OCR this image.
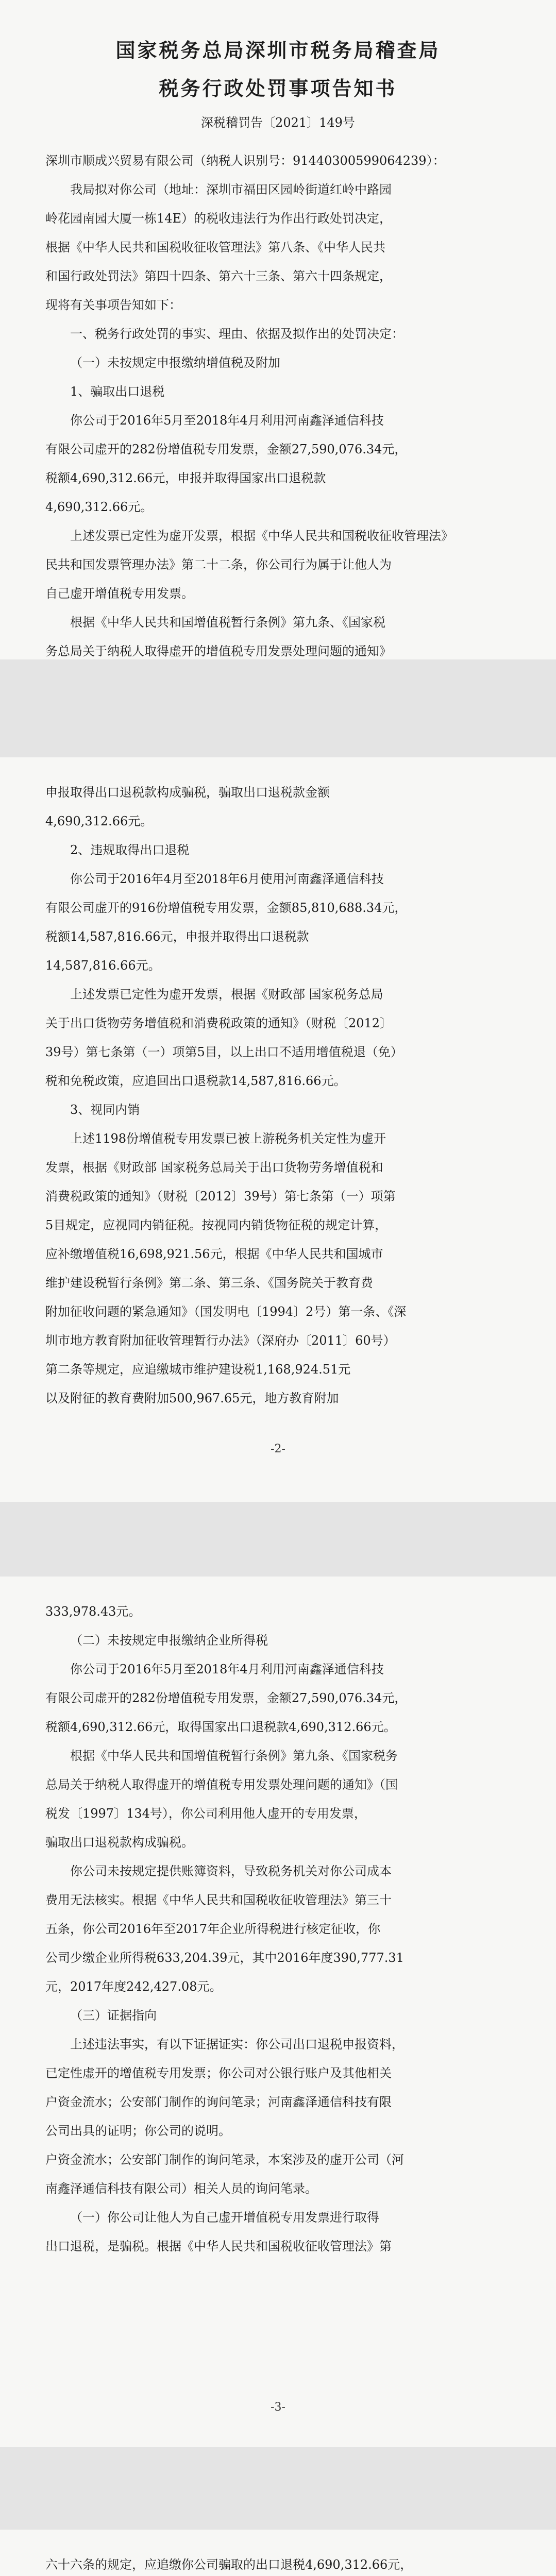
国家税务总局深圳市税务局稽查局
税务行政处罚事项告知书
深税稽罚告〔2021〕149号
深圳市顺成兴贸易有限公司（纳税人识别号：91440300599064239）：
我局拟对你公司（地址：深圳市福田区园岭街道红岭中路园
岭花园南园大厦一栋14E）的税收违法行为作出行政处罚决定，
根据《中华人民共和国税收征收管理法》第八条、《中华人民共
和国行政处罚法》第四十四条、第六十三条、第六十四条规定，
现将有关事项告知如下：
一、税务行政处罚的事实、理由、依据及拟作出的处罚决定：
（一）未按规定申报缴纳增值税及附加
1、骗取出口退税
你公司于2016年5月至2018年4月利用河南鑫泽通信科技
有限公司虚开的282份增值税专用发票，金额27,590,076.34元，
税额4,690,312.66元，申报并取得国家出口退税款
4,690,312.66元。
上述发票已定性为虚开发票，根据《中华人民共和国税收征收管理法》
民共和国发票管理办法》第二十二条，你公司行为属于让他人为
自己虚开增值税专用发票。
根据《中华人民共和国增值税暂行条例》第九条、《国家税
务总局关于纳税人取得虚开的增值税专用发票处理问题的通知》
申报取得出口退税款构成骗税，骗取出口退税款金额
4,690,312.66元。
2、违规取得出口退税
你公司于2016年4月至2018年6月使用河南鑫泽通信科技
有限公司虚开的916份增值税专用发票，金额85,810,688.34元，
税额14,587,816.66元，申报并取得出口退税款
14,587,816.66元。
上述发票已定性为虚开发票，根据《财政部 国家税务总局
关于出口货物劳务增值税和消费税政策的通知》（财税〔2012〕
39号）第七条第（一）项第5目，以上出口不适用增值税退（免）
税和免税政策，应追回出口退税款14,587,816.66元。
3、视同内销
上述1198份增值税专用发票已被上游税务机关定性为虚开
发票，根据《财政部 国家税务总局关于出口货物劳务增值税和
消费税政策的通知》（财税〔2012〕39号）第七条第（一）项第
5目规定，应视同内销征税。按视同内销货物征税的规定计算，
应补缴增值税16,698,921.56元，根据《中华人民共和国城市
维护建设税暂行条例》第二条、第三条、《国务院关于教育费
附加征收问题的紧急通知》（国发明电〔1994〕2号）第一条、《深
圳市地方教育附加征收管理暂行办法》（深府办〔2011〕60号）
第二条等规定，应追缴城市维护建设税1,168,924.51元
以及附征的教育费附加500,967.65元，地方教育附加
-2-
333,978.43元。
（二）未按规定申报缴纳企业所得税
你公司于2016年5月至2018年4月利用河南鑫泽通信科技
有限公司虚开的282份增值税专用发票，金额27,590,076.34元，
税额4,690,312.66元，取得国家出口退税款4,690,312.66元。
根据《中华人民共和国增值税暂行条例》第九条、《国家税务
总局关于纳税人取得虚开的增值税专用发票处理问题的通知》（国
税发〔1997〕134号），你公司利用他人虚开的专用发票，
骗取出口退税款构成骗税。
你公司未按规定提供账簿资料，导致税务机关对你公司成本
费用无法核实。根据《中华人民共和国税收征收管理法》第三十
五条，你公司2016年至2017年企业所得税进行核定征收，你
公司少缴企业所得税633,204.39元，其中2016年度390,777.31
元，2017年度242,427.08元。
（三）证据指向
上述违法事实，有以下证据证实：你公司出口退税申报资料，
已定性虚开的增值税专用发票；你公司对公银行账户及其他相关
户资金流水；公安部门制作的询问笔录；河南鑫泽通信科技有限
公司出具的证明；你公司的说明。
户资金流水；公安部门制作的询问笔录，本案涉及的虚开公司（河
南鑫泽通信科技有限公司）相关人员的询问笔录。
（一）你公司让他人为自己虚开增值税专用发票进行取得
出口退税，是骗税。根据《中华人民共和国税收征收管理法》第
-3-
六十六条的规定，应追缴你公司骗取的出口退税4,690,312.66元，
